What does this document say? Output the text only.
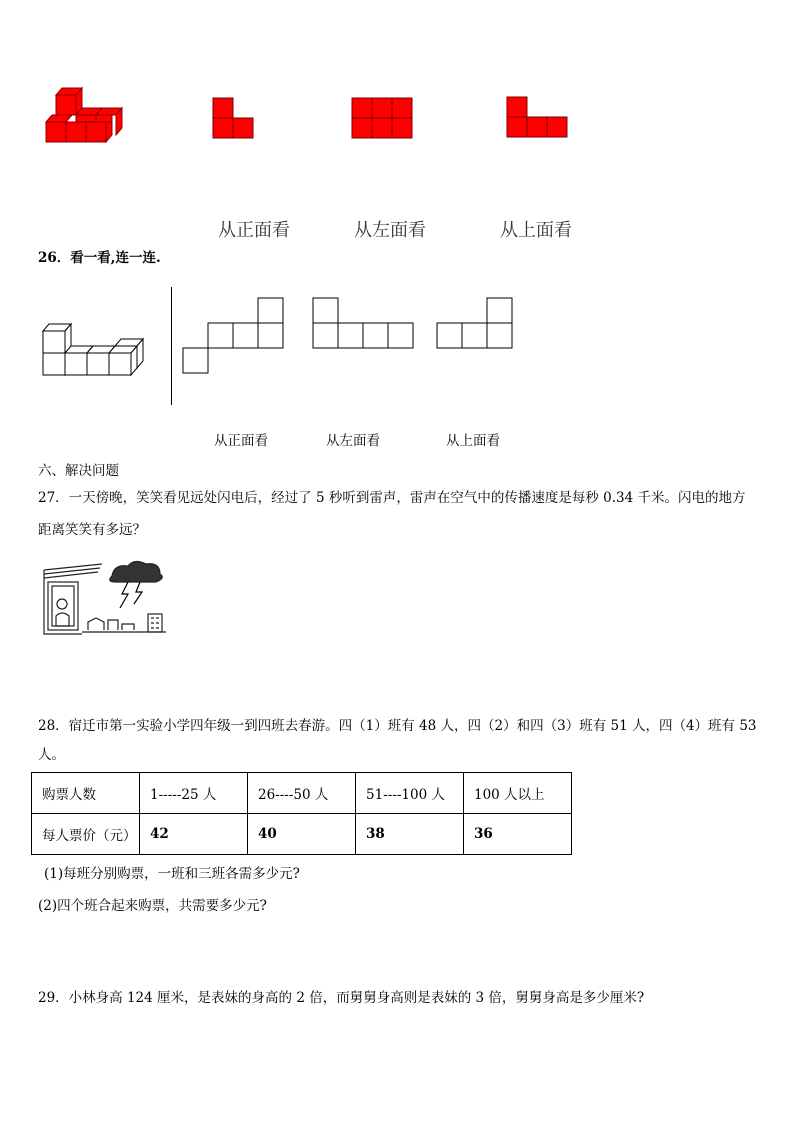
从正面看	从左面看	从上面看
26．看一看,连一连.
从正面看	从左面看	从上面看
六、解决问题
27．一天傍晚，笑笑看见远处闪电后，经过了 5 秒听到雷声，雷声在空气中的传播速度是每秒 0.34 千米。闪电的地方
距离笑笑有多远？
28．宿迁市第一实验小学四年级一到四班去春游。四（1）班有 48 人，四（2）和四（3）班有 51 人，四（4）班有 53
人。
购票人数	1-----25 人	26----50 人	51----100 人	100 人以上
每人票价（元）	42	40	38	36
(1)每班分别购票，一班和三班各需多少元?
(2)四个班合起来购票，共需要多少元?
29．小林身高 124 厘米，是表妹的身高的 2 倍，而舅舅身高则是表妹的 3 倍，舅舅身高是多少厘米?
